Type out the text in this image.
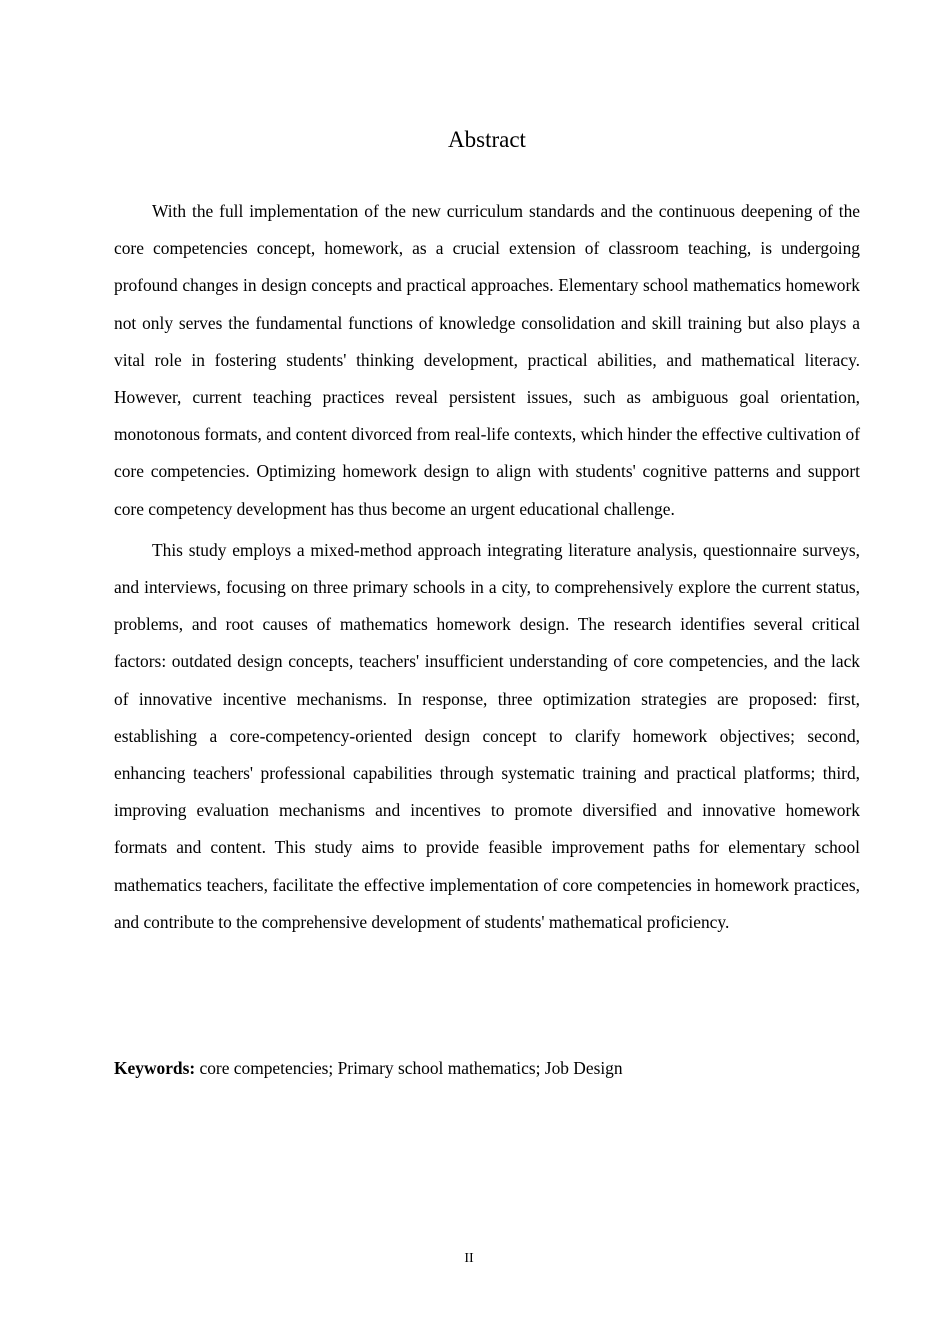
Abstract

With the full implementation of the new curriculum standards and the continuous deepening of the core competencies concept, homework, as a crucial extension of classroom teaching, is undergoing profound changes in design concepts and practical approaches. Elementary school mathematics homework not only serves the fundamental functions of knowledge consolidation and skill training but also plays a vital role in fostering students' thinking development, practical abilities, and mathematical literacy. However, current teaching practices reveal persistent issues, such as ambiguous goal orientation, monotonous formats, and content divorced from real-life contexts, which hinder the effective cultivation of core competencies. Optimizing homework design to align with students' cognitive patterns and support core competency development has thus become an urgent educational challenge.

This study employs a mixed-method approach integrating literature analysis, questionnaire surveys, and interviews, focusing on three primary schools in a city, to comprehensively explore the current status, problems, and root causes of mathematics homework design. The research identifies several critical factors: outdated design concepts, teachers' insufficient understanding of core competencies, and the lack of innovative incentive mechanisms. In response, three optimization strategies are proposed: first, establishing a core-competency-oriented design concept to clarify homework objectives; second, enhancing teachers' professional capabilities through systematic training and practical platforms; third, improving evaluation mechanisms and incentives to promote diversified and innovative homework formats and content. This study aims to provide feasible improvement paths for elementary school mathematics teachers, facilitate the effective implementation of core competencies in homework practices, and contribute to the comprehensive development of students' mathematical proficiency.

Keywords: core competencies; Primary school mathematics; Job Design

II
